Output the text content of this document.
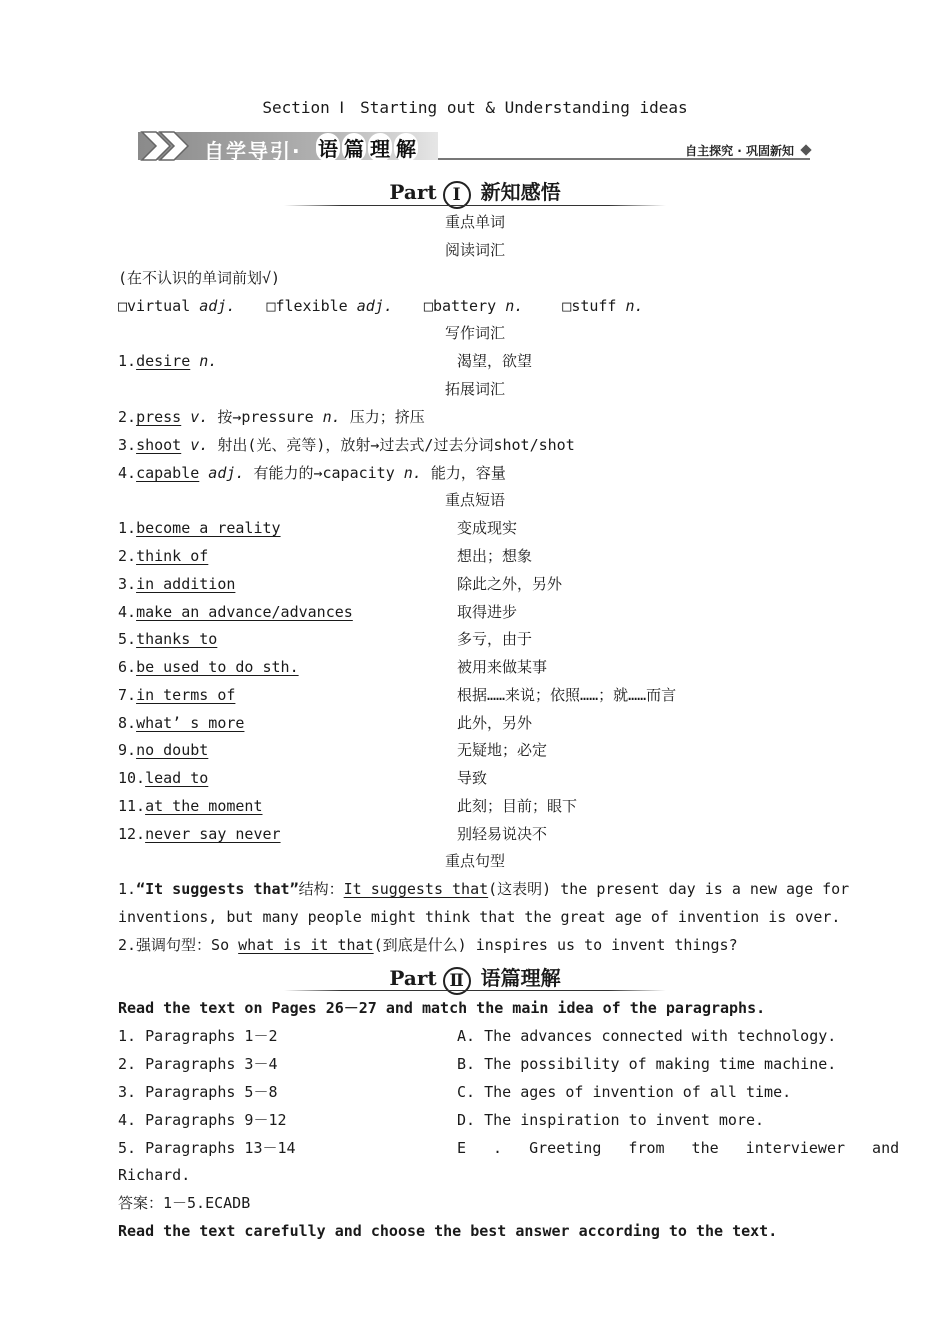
Section Ⅰ　Starting out & Understanding ideas
自学导引· 语 篇 理 解	自主探究 · 巩固新知
Part Ⅰ 新知感悟
重点单词
阅读词汇
(在不认识的单词前划√)
□virtual adj. □flexible adj. □battery n.	□stuff n.
写作词汇
1.desire n.	渴望，欲望
拓展词汇
2.press v. 按→pressure n. 压力；挤压
3.shoot v. 射出(光、亮等)，放射→过去式/过去分词shot/shot
4.capable adj. 有能力的→capacity n. 能力，容量
重点短语
1.become a reality	变成现实
2.think of	想出；想象
3.in addition	除此之外，另外
4.make an advance/advances	取得进步
5.thanks to	多亏，由于
6.be used to do sth.	被用来做某事
7.in terms of	根据……来说；依照……；就……而言
8.what’ s more	此外，另外
9.no doubt	无疑地；必定
10.lead to	导致
11.at the moment	此刻；目前；眼下
12.never say never	别轻易说决不
重点句型
1.“It suggests that”结构：It suggests that(这表明) the present day is a new age for
inventions, but many people might think that the great age of invention is over.
2.强调句型：So what is it that(到底是什么) inspires us to invent things?
Part Ⅱ 语篇理解
Read the text on Pages 26－27 and match the main idea of the paragraphs.
1. Paragraphs 1－2	A. The advances connected with technology.
2. Paragraphs 3－4	B. The possibility of making time machine.
3. Paragraphs 5－8	C. The ages of invention of all time.
4. Paragraphs 9－12	D. The inspiration to invent more.
5. Paragraphs 13－14	E . Greeting from the interviewer and
Richard.
答案：1－5.ECADB
Read the text carefully and choose the best answer according to the text.
